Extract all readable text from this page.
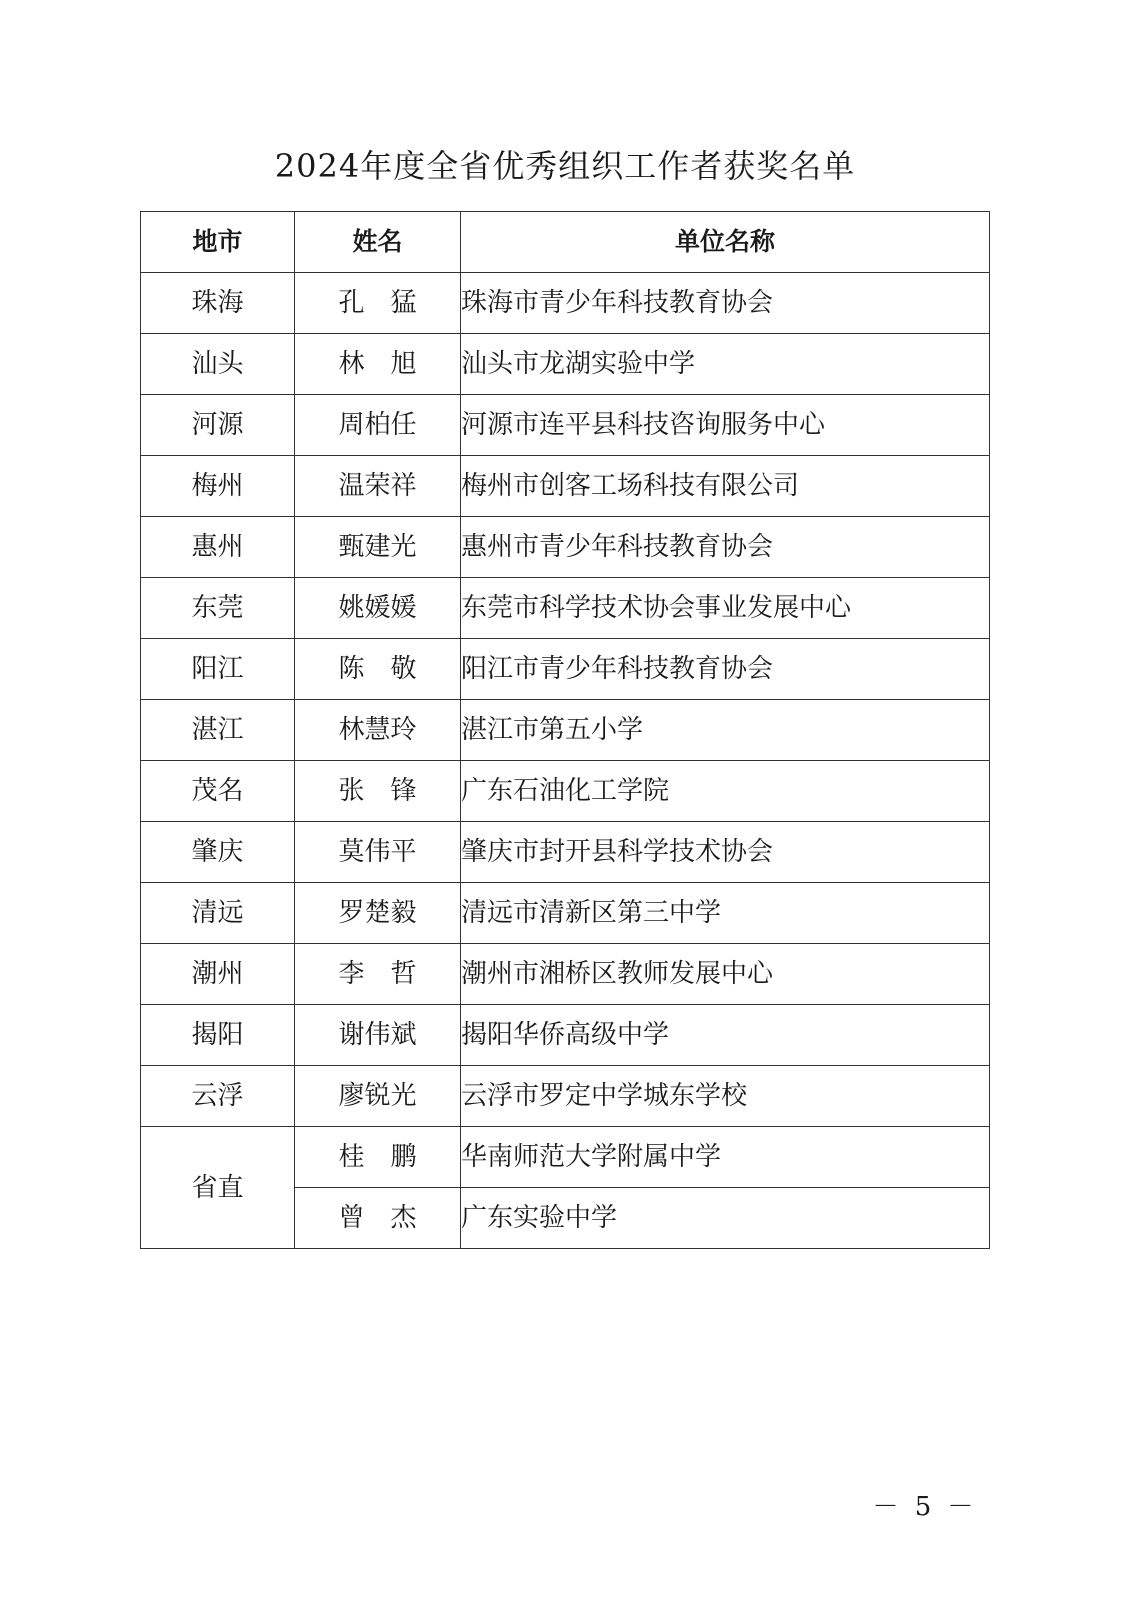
2024年度全省优秀组织工作者获奖名单
地市	姓名	单位名称
珠海	孔　猛	珠海市青少年科技教育协会
汕头	林　旭	汕头市龙湖实验中学
河源	周柏任	河源市连平县科技咨询服务中心
梅州	温荣祥	梅州市创客工场科技有限公司
惠州	甄建光	惠州市青少年科技教育协会
东莞	姚媛媛	东莞市科学技术协会事业发展中心
阳江	陈　敬	阳江市青少年科技教育协会
湛江	林慧玲	湛江市第五小学
茂名	张　锋	广东石油化工学院
肇庆	莫伟平	肇庆市封开县科学技术协会
清远	罗楚毅	清远市清新区第三中学
潮州	李　哲	潮州市湘桥区教师发展中心
揭阳	谢伟斌	揭阳华侨高级中学
云浮	廖锐光	云浮市罗定中学城东学校
省直	桂　鹏	华南师范大学附属中学
	曾　杰	广东实验中学
－ 5 －
